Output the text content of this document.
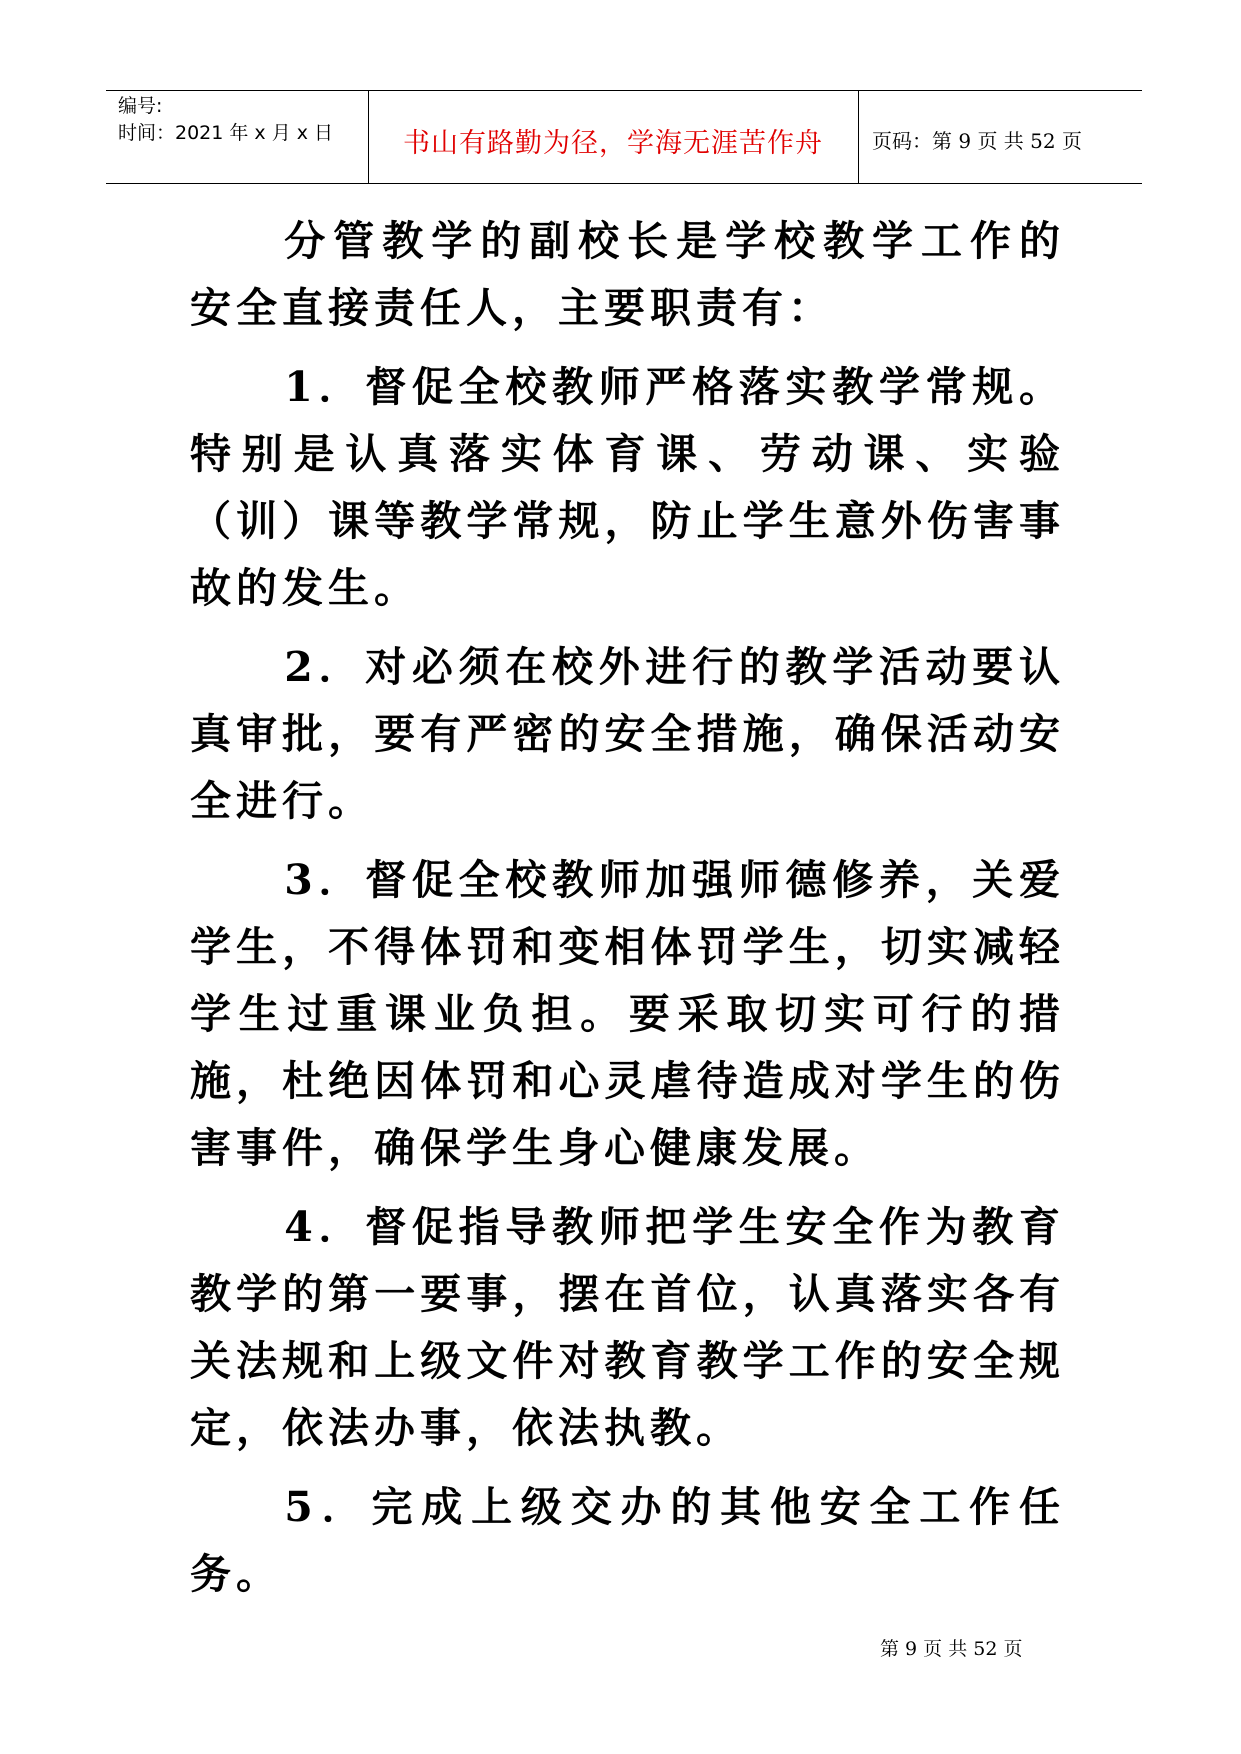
编号:
时间：2021 年 x 月 x 日	书山有路勤为径，学海无涯苦作舟	页码：第 9 页 共 52 页

分管教学的副校长是学校教学工作的安全直接责任人，主要职责有：

1．督促全校教师严格落实教学常规。特别是认真落实体育课、劳动课、实验（训）课等教学常规，防止学生意外伤害事故的发生。

2．对必须在校外进行的教学活动要认真审批，要有严密的安全措施，确保活动安全进行。

3．督促全校教师加强师德修养，关爱学生，不得体罚和变相体罚学生，切实减轻学生过重课业负担。要采取切实可行的措施，杜绝因体罚和心灵虐待造成对学生的伤害事件，确保学生身心健康发展。

4．督促指导教师把学生安全作为教育教学的第一要事，摆在首位，认真落实各有关法规和上级文件对教育教学工作的安全规定，依法办事，依法执教。

5．完成上级交办的其他安全工作任务。

第 9 页 共 52 页
